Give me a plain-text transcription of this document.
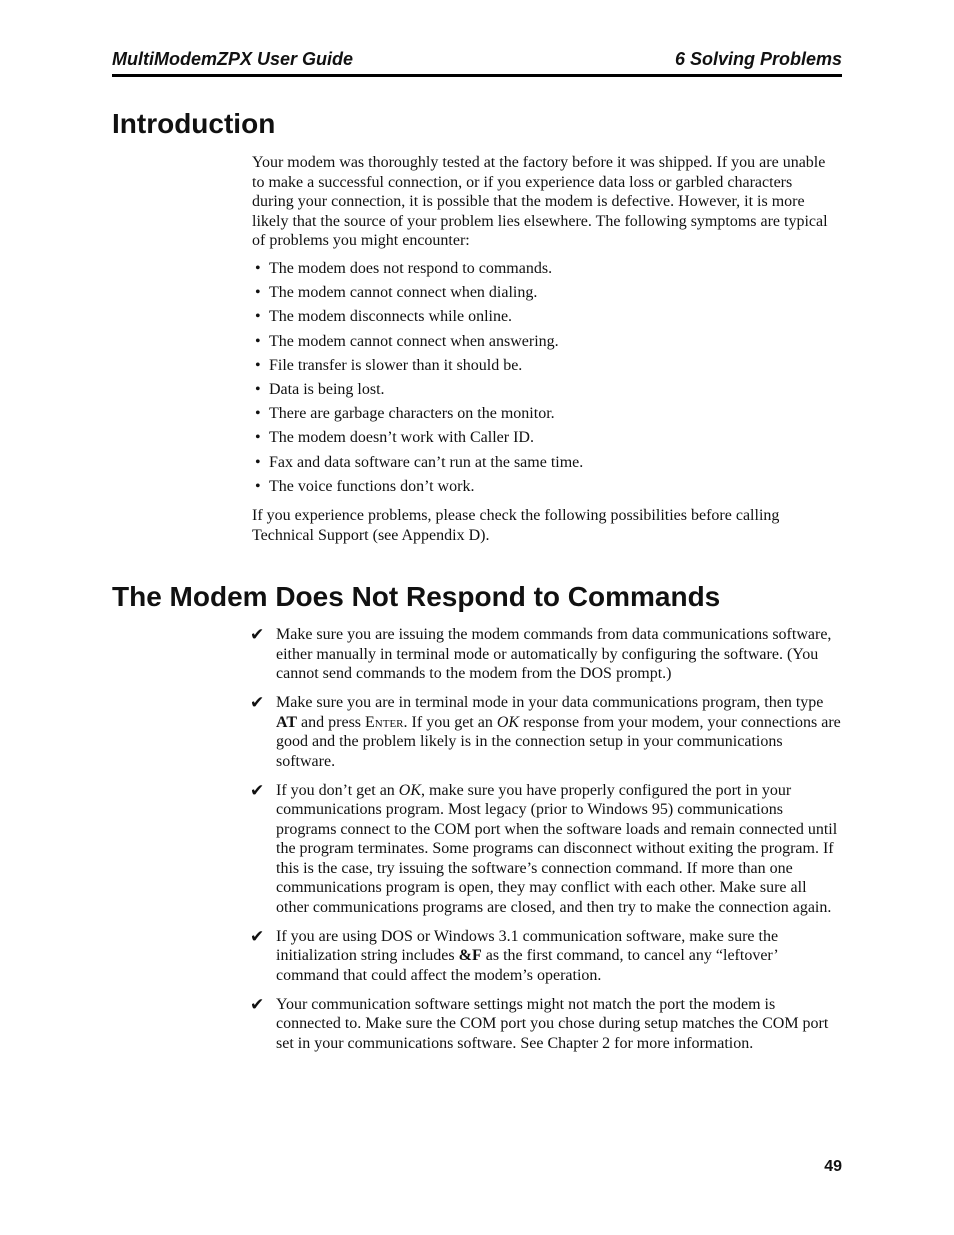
MultiModemZPX User Guide	6 Solving Problems
Introduction

Your modem was thoroughly tested at the factory before it was shipped. If you are unable to make a successful connection, or if you experience data loss or garbled characters during your connection, it is possible that the modem is defective. However, it is more likely that the source of your problem lies elsewhere. The following symptoms are typical of problems you might encounter:

• The modem does not respond to commands.
• The modem cannot connect when dialing.
• The modem disconnects while online.
• The modem cannot connect when answering.
• File transfer is slower than it should be.
• Data is being lost.
• There are garbage characters on the monitor.
• The modem doesn’t work with Caller ID.
• Fax and data software can’t run at the same time.
• The voice functions don’t work.

If you experience problems, please check the following possibilities before calling Technical Support (see Appendix D).

The Modem Does Not Respond to Commands
✔ Make sure you are issuing the modem commands from data communications software, either manually in terminal mode or automatically by configuring the software. (You cannot send commands to the modem from the DOS prompt.)
✔ Make sure you are in terminal mode in your data communications program, then type AT and press Enter. If you get an OK response from your modem, your connections are good and the problem likely is in the connection setup in your communications software.
✔ If you don’t get an OK, make sure you have properly configured the port in your communications program. Most legacy (prior to Windows 95) communications programs connect to the COM port when the software loads and remain connected until the program terminates. Some programs can disconnect without exiting the program. If this is the case, try issuing the software’s connection command. If more than one communications program is open, they may conflict with each other. Make sure all other communications programs are closed, and then try to make the connection again.
✔ If you are using DOS or Windows 3.1 communication software, make sure the initialization string includes &F as the first command, to cancel any “leftover’ command that could affect the modem’s operation.
✔ Your communication software settings might not match the port the modem is connected to. Make sure the COM port you chose during setup matches the COM port set in your communications software. See Chapter 2 for more information.
49
